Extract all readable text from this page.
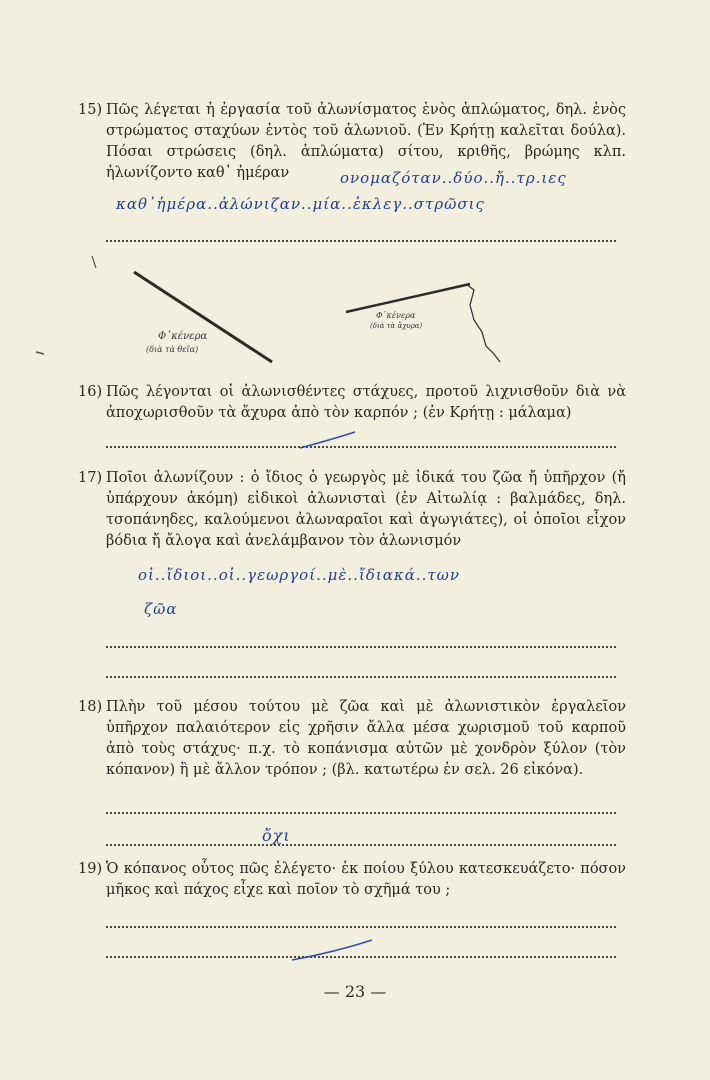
15) Πῶς λέγεται ἡ ἐργασία τοῦ ἀλωνίσματος ἑνὸς ἁπλώματος, δηλ. ἑνὸς στρώματος σταχύων ἐντὸς τοῦ ἀλωνιοῦ. (Ἐν Κρήτῃ καλεῖται δούλα). Πόσαι στρώσεις (δηλ. ἁπλώματα) σίτου, κριθῆς, βρώμης κλπ. ἠλωνίζοντο καθ᾽ ἡμέραν	ονομαζόταν..δύο..ἤ..τρ.ιες
καθ᾽ἡμέρα..ἀλώνιζαν..μία..ἐκλεγ..στρῶσις
Φ᾽κένερα
(διὰ τὰ θεῖα)
Φ᾽κένερα
(διὰ τὰ ἄχυρα)
16) Πῶς λέγονται οἱ ἀλωνισθέντες στάχυες, προτοῦ λιχνισθοῦν διὰ νὰ ἀποχωρισθοῦν τὰ ἄχυρα ἀπὸ τὸν καρπόν ; (ἐν Κρήτῃ : μάλαμα)
17) Ποῖοι ἀλωνίζουν : ὁ ἴδιος ὁ γεωργὸς μὲ ἰδικά του ζῶα ἤ ὑπῆρχον (ἤ ὑπάρχουν ἀκόμη) εἰδικοὶ ἀλωνισταὶ (ἐν Αἰτωλίᾳ : βαλμάδες, δηλ. τσοπάνηδες, καλούμενοι ἀλωναραῖοι καὶ ἀγωγιάτες), οἱ ὁποῖοι εἶχον βόδια ἤ ἄλογα καὶ ἀνελάμβανον τὸν ἀλωνισμόν
οἱ..ἴδιοι..οἱ..γεωργοί..μὲ..ἴδιακά..των
ζῶα
18) Πλὴν τοῦ μέσου τούτου μὲ ζῶα καὶ μὲ ἀλωνιστικὸν ἐργαλεῖον ὑπῆρχον παλαιότερον εἰς χρῆσιν ἄλλα μέσα χωρισμοῦ τοῦ καρποῦ ἀπὸ τοὺς στάχυς· π.χ. τὸ κοπάνισμα αὐτῶν μὲ χονδρὸν ξύλον (τὸν κόπανον) ἢ μὲ ἄλλον τρόπον ; (βλ. κατωτέρω ἐν σελ. 26 εἰκόνα).
ὄχι
19) Ὁ κόπανος οὗτος πῶς ἐλέγετο· ἐκ ποίου ξύλου κατεσκευάζετο· πόσον μῆκος καὶ πάχος εἶχε καὶ ποῖον τὸ σχῆμά του ;
— 23 —
